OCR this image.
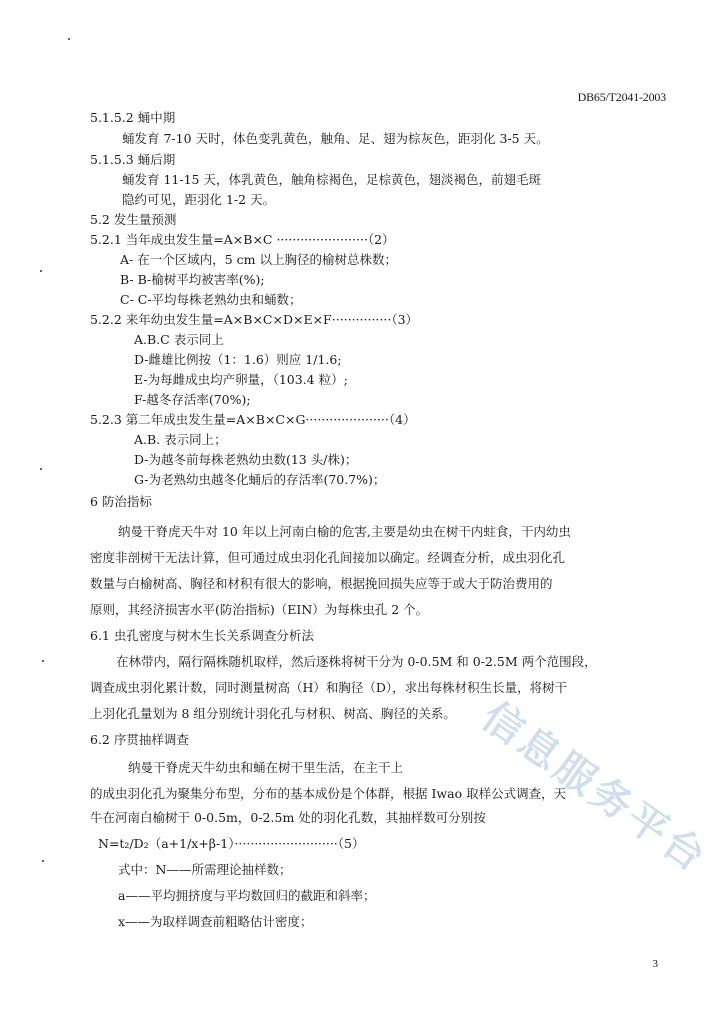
信息服务平台
DB65/T2041-2003
5.1.5.2 蛹中期
蛹发育 7-10 天时，体色变乳黄色，触角、足、翅为棕灰色，距羽化 3-5 天。
5.1.5.3 蛹后期
蛹发育 11-15 天，体乳黄色，触角棕褐色，足棕黄色，翅淡褐色，前翅毛斑
隐约可见，距羽化 1-2 天。
5.2 发生量预测
5.2.1 当年成虫发生量=A×B×C ·······················（2）
A- 在一个区域内，5 cm 以上胸径的榆树总株数；
B- B-榆树平均被害率(%);
C- C-平均每株老熟幼虫和蛹数；
5.2.2 来年幼虫发生量=A×B×C×D×E×F···············（3）
A.B.C 表示同上
D-雌雄比例按（1：1.6）则应 1/1.6;
E-为每雌成虫均产卵量，（103.4 粒）;
F-越冬存活率(70%);
5.2.3 第二年成虫发生量=A×B×C×G·····················（4）
A.B. 表示同上；
D-为越冬前每株老熟幼虫数(13 头/株)；
G-为老熟幼虫越冬化蛹后的存活率(70.7%)；
6 防治指标
纳曼干脊虎天牛对 10 年以上河南白榆的危害,主要是幼虫在树干内蛀食，干内幼虫
密度非剖树干无法计算，但可通过成虫羽化孔间接加以确定。经调查分析，成虫羽化孔
数量与白榆树高、胸径和材积有很大的影响，根据挽回损失应等于或大于防治费用的
原则，其经济损害水平(防治指标)（EIN）为每株虫孔 2 个。
6.1 虫孔密度与树木生长关系调查分析法
在林带内，隔行隔株随机取样，然后逐株将树干分为 0-0.5M 和 0-2.5M 两个范围段，
调查成虫羽化累计数，同时测量树高（H）和胸径（D），求出每株材积生长量，将树干
上羽化孔量划为 8 组分别统计羽化孔与材积、树高、胸径的关系。
6.2 序贯抽样调查
纳曼干脊虎天牛幼虫和蛹在树干里生活，在主干上
的成虫羽化孔为聚集分布型，分布的基本成份是个体群，根据 Iwao 取样公式调查，天
牛在河南白榆树干 0-0.5m，0-2.5m 处的羽化孔数，其抽样数可分别按
N=t₂/D₂（a+1/x+β-1）··························（5）
式中：N——所需理论抽样数；
a——平均拥挤度与平均数回归的截距和斜率；
x——为取样调查前粗略估计密度；
3
